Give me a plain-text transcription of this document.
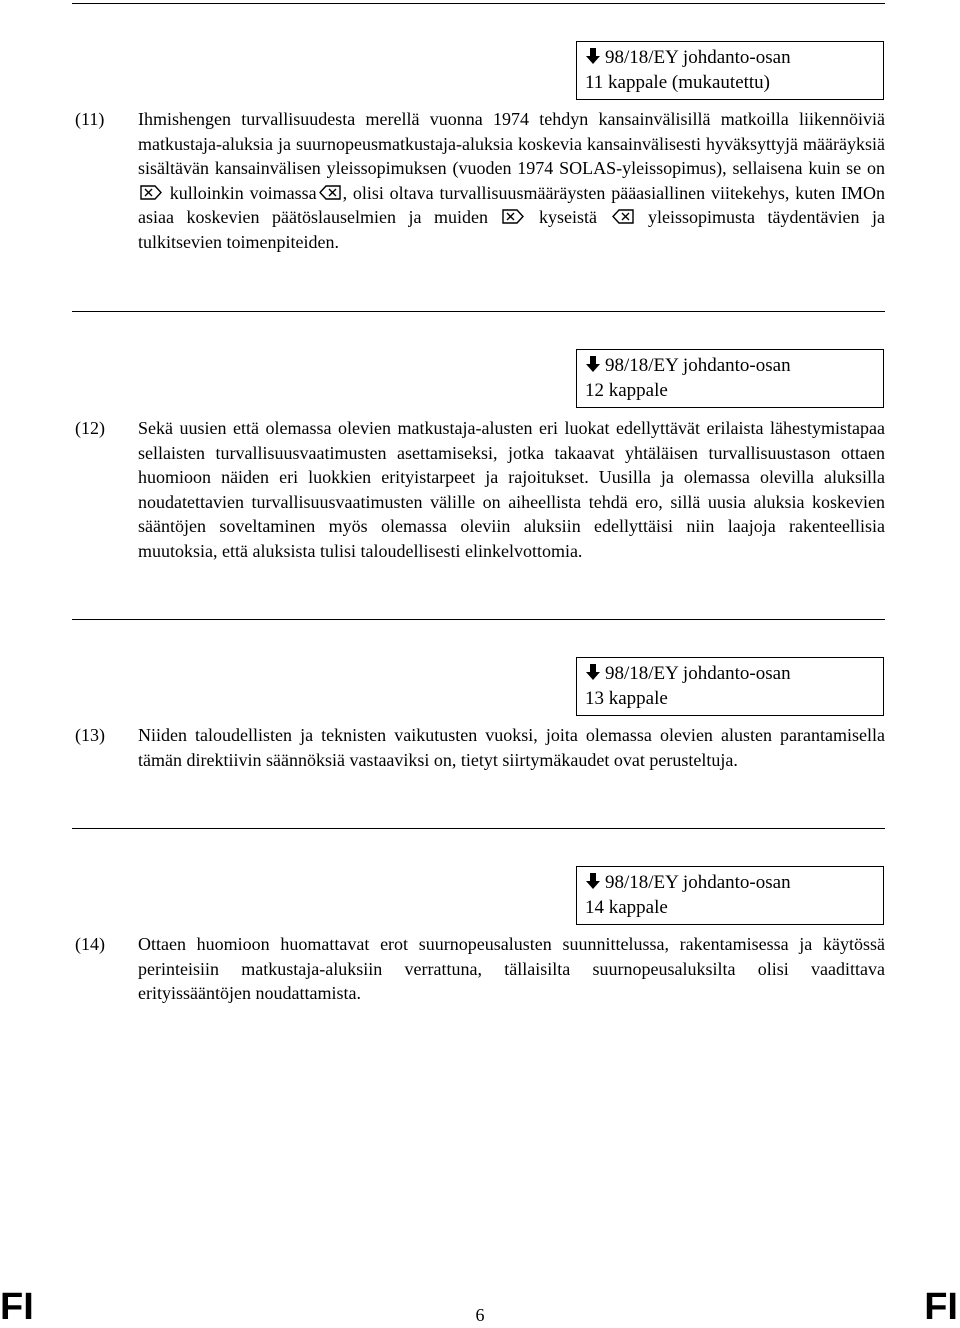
98/18/EY johdanto-osan
11 kappale (mukautettu)
(11) Ihmishengen turvallisuudesta merellä vuonna 1974 tehdyn kansainvälisillä matkoilla liikennöiviä matkustaja-aluksia ja suurnopeusmatkustaja-aluksia koskevia kansainvälisesti hyväksyttyjä määräyksiä sisältävän kansainvälisen yleissopimuksen (vuoden 1974 SOLAS-yleissopimus), sellaisena kuin se on  kulloinkin voimassa , olisi oltava turvallisuusmääräysten pääasiallinen viitekehys, kuten IMOn asiaa koskevien päätöslauselmien ja muiden	kyseistä	yleissopimusta täydentävien ja tulkitsevien toimenpiteiden.
98/18/EY johdanto-osan
12 kappale
(12) Sekä uusien että olemassa olevien matkustaja-alusten eri luokat edellyttävät erilaista lähestymistapaa sellaisten turvallisuusvaatimusten asettamiseksi, jotka takaavat yhtäläisen turvallisuustason ottaen huomioon näiden eri luokkien erityistarpeet ja rajoitukset. Uusilla ja olemassa olevilla aluksilla noudatettavien turvallisuusvaatimusten välille on aiheellista tehdä ero, sillä uusia aluksia koskevien sääntöjen soveltaminen myös olemassa oleviin aluksiin edellyttäisi niin laajoja rakenteellisia muutoksia, että aluksista tulisi taloudellisesti elinkelvottomia.
98/18/EY johdanto-osan
13 kappale
(13) Niiden taloudellisten ja teknisten vaikutusten vuoksi, joita olemassa olevien alusten parantamisella tämän direktiivin säännöksiä vastaaviksi on, tietyt siirtymäkaudet ovat perusteltuja.
98/18/EY johdanto-osan
14 kappale
(14) Ottaen huomioon huomattavat erot suurnopeusalusten suunnittelussa, rakentamisessa ja käytössä perinteisiin matkustaja-aluksiin verrattuna, tällaisilta suurnopeusaluksilta olisi vaadittava erityissääntöjen noudattamista.
FI	6	FI
